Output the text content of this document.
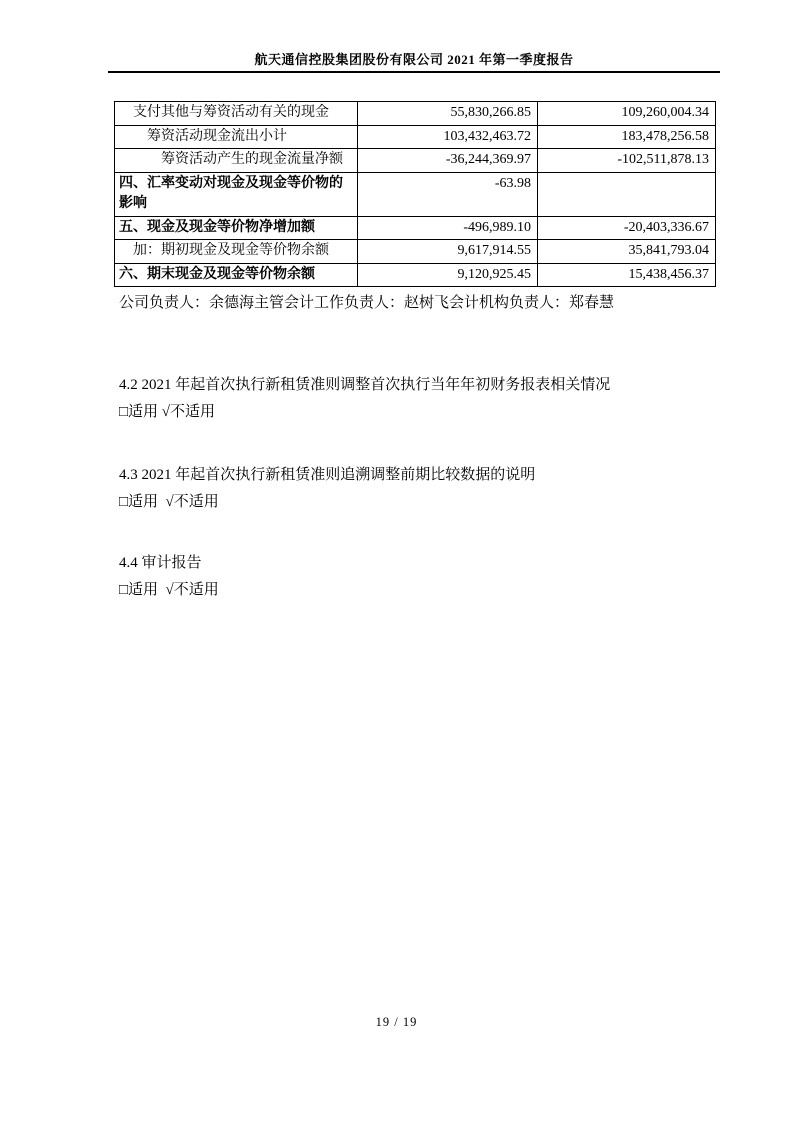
航天通信控股集团股份有限公司 2021 年第一季度报告
支付其他与筹资活动有关的现金	55,830,266.85	109,260,004.34
筹资活动现金流出小计	103,432,463.72	183,478,256.58
筹资活动产生的现金流量净额	-36,244,369.97	-102,511,878.13
四、汇率变动对现金及现金等价物的影响	-63.98	
五、现金及现金等价物净增加额	-496,989.10	-20,403,336.67
加：期初现金及现金等价物余额	9,617,914.55	35,841,793.04
六、期末现金及现金等价物余额	9,120,925.45	15,438,456.37
公司负责人：余德海主管会计工作负责人：赵树飞会计机构负责人：郑春慧
4.2 2021 年起首次执行新租赁准则调整首次执行当年年初财务报表相关情况
□适用 √不适用
4.3 2021 年起首次执行新租赁准则追溯调整前期比较数据的说明
□适用  √不适用
4.4 审计报告
□适用  √不适用
19 / 19
